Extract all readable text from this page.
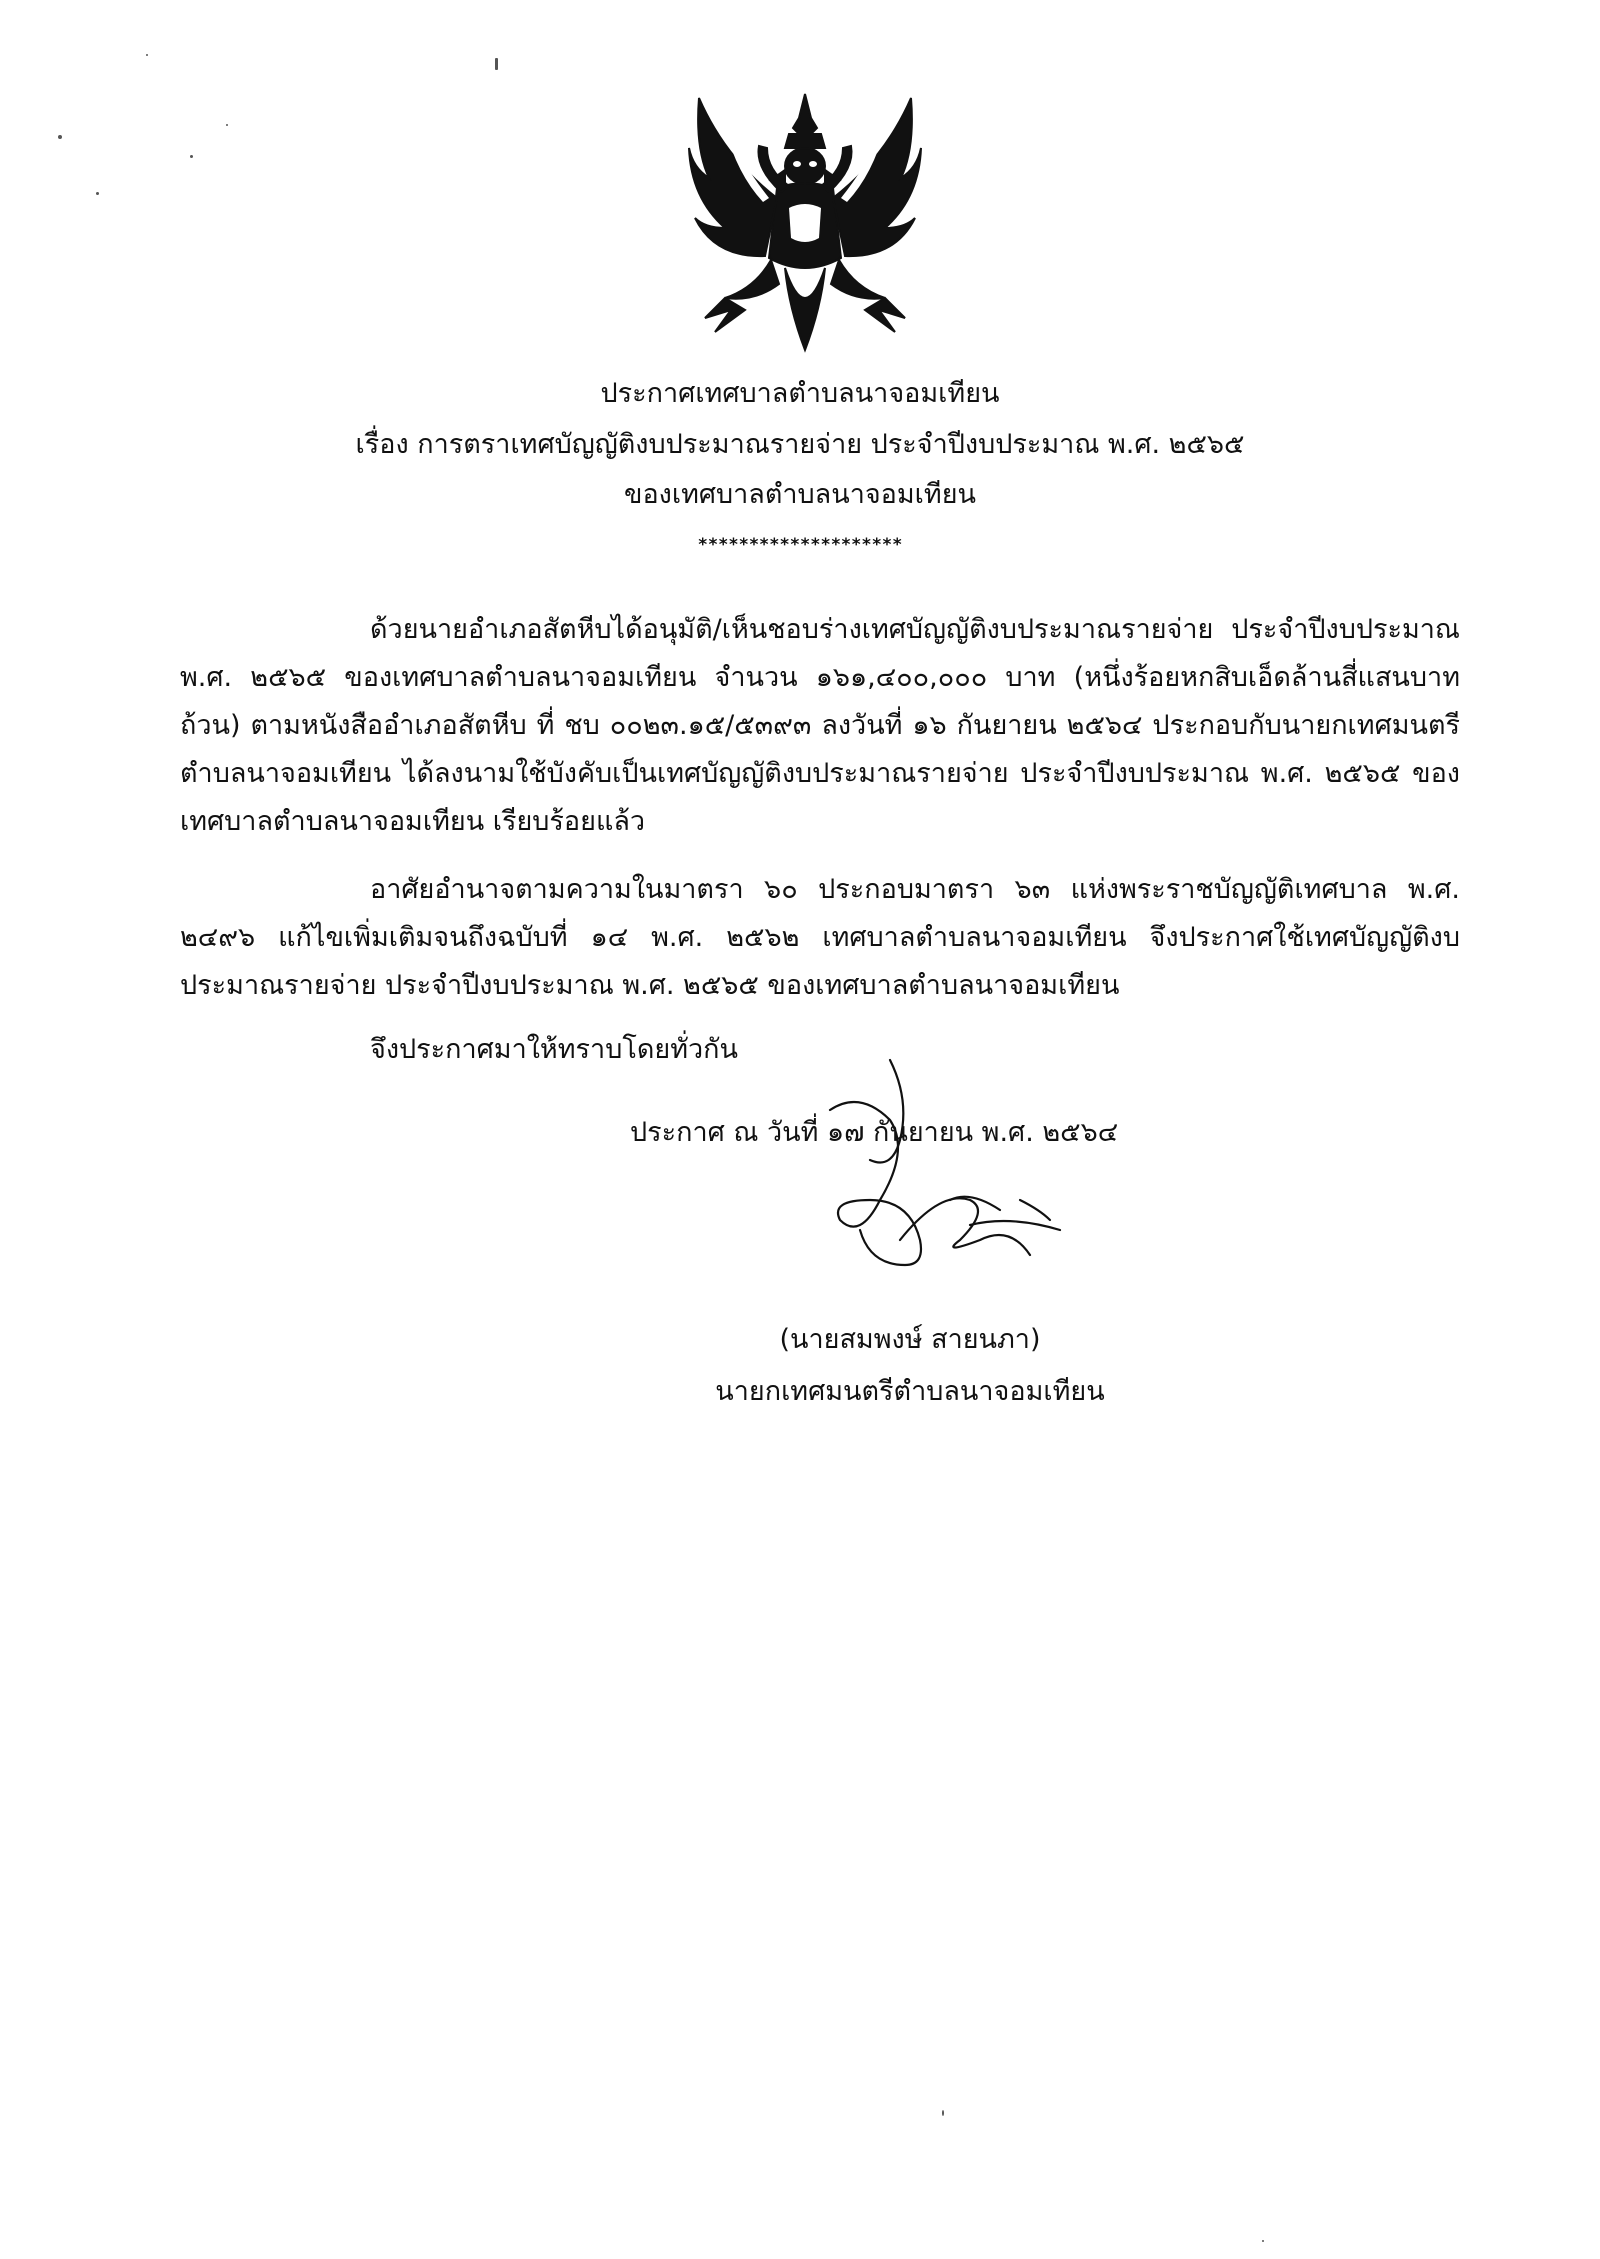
ประกาศเทศบาลตำบลนาจอมเทียน
เรื่อง การตราเทศบัญญัติงบประมาณรายจ่าย ประจำปีงบประมาณ พ.ศ. ๒๕๖๕
ของเทศบาลตำบลนาจอมเทียน
********************

ด้วยนายอำเภอสัตหีบได้อนุมัติ/เห็นชอบร่างเทศบัญญัติงบประมาณรายจ่าย ประจำปีงบประมาณ พ.ศ. ๒๕๖๕ ของเทศบาลตำบลนาจอมเทียน จำนวน ๑๖๑,๔๐๐,๐๐๐ บาท (หนึ่งร้อยหกสิบเอ็ดล้านสี่แสนบาทถ้วน) ตามหนังสืออำเภอสัตหีบ ที่ ชบ ๐๐๒๓.๑๕/๕๓๙๓ ลงวันที่ ๑๖ กันยายน ๒๕๖๔ ประกอบกับนายกเทศมนตรีตำบลนาจอมเทียน ได้ลงนามใช้บังคับเป็นเทศบัญญัติงบประมาณรายจ่าย ประจำปีงบประมาณ พ.ศ. ๒๕๖๕ ของเทศบาลตำบลนาจอมเทียน เรียบร้อยแล้ว

อาศัยอำนาจตามความในมาตรา ๖๐ ประกอบมาตรา ๖๓ แห่งพระราชบัญญัติเทศบาล พ.ศ. ๒๔๙๖ แก้ไขเพิ่มเติมจนถึงฉบับที่ ๑๔ พ.ศ. ๒๕๖๒ เทศบาลตำบลนาจอมเทียน จึงประกาศใช้เทศบัญญัติงบประมาณรายจ่าย ประจำปีงบประมาณ พ.ศ. ๒๕๖๕ ของเทศบาลตำบลนาจอมเทียน

จึงประกาศมาให้ทราบโดยทั่วกัน
ประกาศ ณ วันที่ ๑๗ กันยายน พ.ศ. ๒๕๖๔
(นายสมพงษ์ สายนภา)
นายกเทศมนตรีตำบลนาจอมเทียน
